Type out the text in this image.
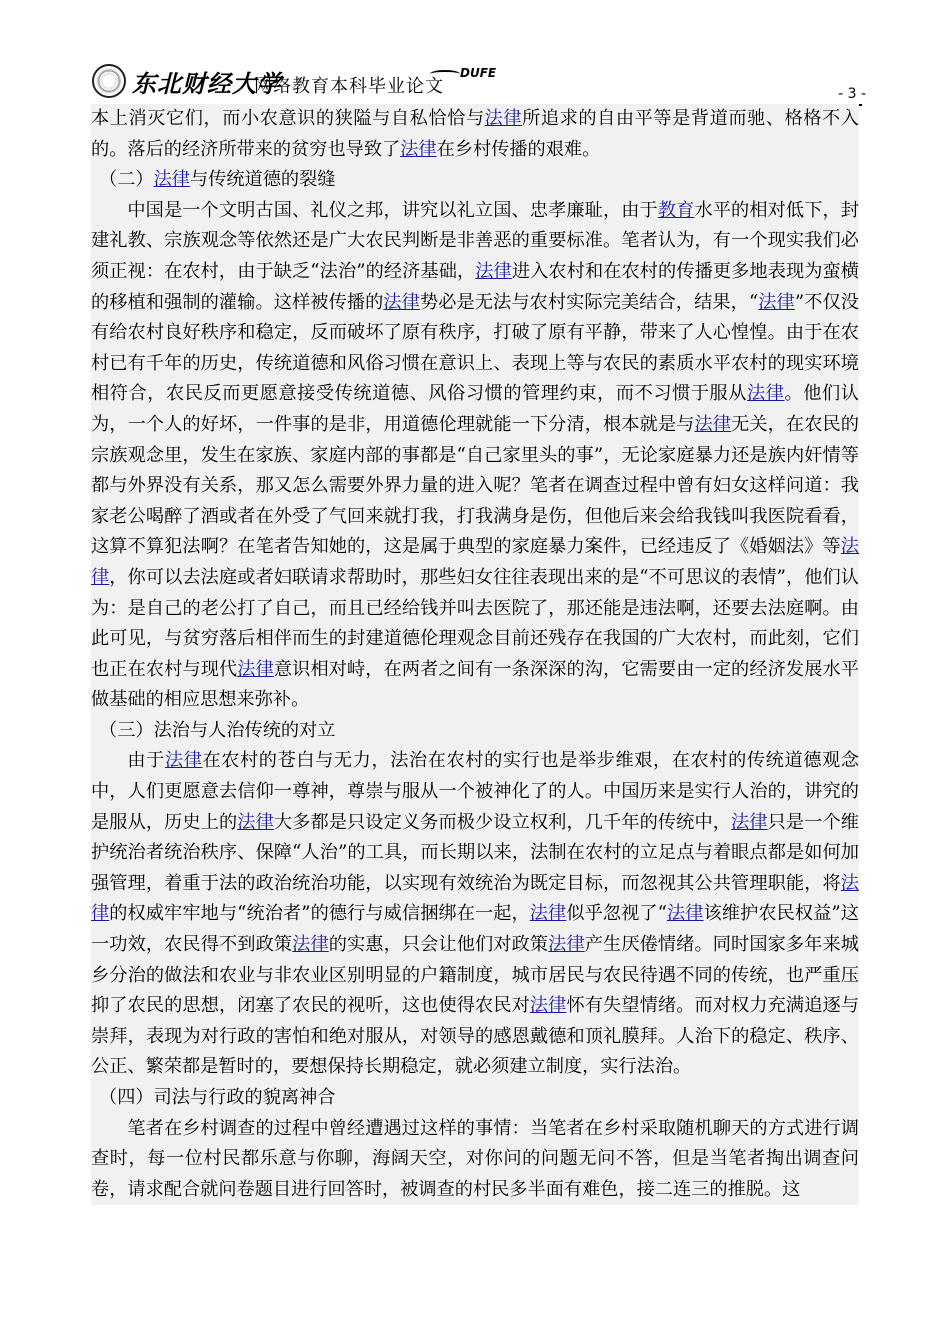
东北财经大学
网络教育本科毕业论文
DUFE
- 3 -

本上消灭它们，而小农意识的狭隘与自私恰恰与法律所追求的自由平等是背道而驰、格格不入的。落后的经济所带来的贫穷也导致了法律在乡村传播的艰难。

（二）法律与传统道德的裂缝

中国是一个文明古国、礼仪之邦，讲究以礼立国、忠孝廉耻，由于教育水平的相对低下，封建礼教、宗族观念等依然还是广大农民判断是非善恶的重要标准。笔者认为，有一个现实我们必须正视：在农村，由于缺乏“法治”的经济基础，法律进入农村和在农村的传播更多地表现为蛮横的移植和强制的灌输。这样被传播的法律势必是无法与农村实际完美结合，结果，“法律”不仅没有给农村良好秩序和稳定，反而破坏了原有秩序，打破了原有平静，带来了人心惶惶。由于在农村已有千年的历史，传统道德和风俗习惯在意识上、表现上等与农民的素质水平农村的现实环境相符合，农民反而更愿意接受传统道德、风俗习惯的管理约束，而不习惯于服从法律。他们认为，一个人的好坏，一件事的是非，用道德伦理就能一下分清，根本就是与法律无关，在农民的宗族观念里，发生在家族、家庭内部的事都是“自己家里头的事”，无论家庭暴力还是族内奸情等都与外界没有关系，那又怎么需要外界力量的进入呢？笔者在调查过程中曾有妇女这样问道：我家老公喝醉了酒或者在外受了气回来就打我，打我满身是伤，但他后来会给我钱叫我医院看看，这算不算犯法啊？在笔者告知她的，这是属于典型的家庭暴力案件，已经违反了《婚姻法》等法律，你可以去法庭或者妇联请求帮助时，那些妇女往往表现出来的是“不可思议的表情”，他们认为：是自己的老公打了自己，而且已经给钱并叫去医院了，那还能是违法啊，还要去法庭啊。由此可见，与贫穷落后相伴而生的封建道德伦理观念目前还残存在我国的广大农村，而此刻，它们也正在农村与现代法律意识相对峙，在两者之间有一条深深的沟，它需要由一定的经济发展水平做基础的相应思想来弥补。

（三）法治与人治传统的对立

由于法律在农村的苍白与无力，法治在农村的实行也是举步维艰，在农村的传统道德观念中，人们更愿意去信仰一尊神，尊崇与服从一个被神化了的人。中国历来是实行人治的，讲究的是服从，历史上的法律大多都是只设定义务而极少设立权利，几千年的传统中，法律只是一个维护统治者统治秩序、保障“人治”的工具，而长期以来，法制在农村的立足点与着眼点都是如何加强管理，着重于法的政治统治功能，以实现有效统治为既定目标，而忽视其公共管理职能，将法律的权威牢牢地与“统治者”的德行与威信捆绑在一起，法律似乎忽视了“法律该维护农民权益”这一功效，农民得不到政策法律的实惠，只会让他们对政策法律产生厌倦情绪。同时国家多年来城乡分治的做法和农业与非农业区别明显的户籍制度，城市居民与农民待遇不同的传统，也严重压抑了农民的思想，闭塞了农民的视听，这也使得农民对法律怀有失望情绪。而对权力充满追逐与崇拜，表现为对行政的害怕和绝对服从，对领导的感恩戴德和顶礼膜拜。人治下的稳定、秩序、公正、繁荣都是暂时的，要想保持长期稳定，就必须建立制度，实行法治。

（四）司法与行政的貌离神合

笔者在乡村调查的过程中曾经遭遇过这样的事情：当笔者在乡村采取随机聊天的方式进行调查时，每一位村民都乐意与你聊，海阔天空，对你问的问题无问不答，但是当笔者掏出调查问卷，请求配合就问卷题目进行回答时，被调查的村民多半面有难色，接二连三的推脱。这
